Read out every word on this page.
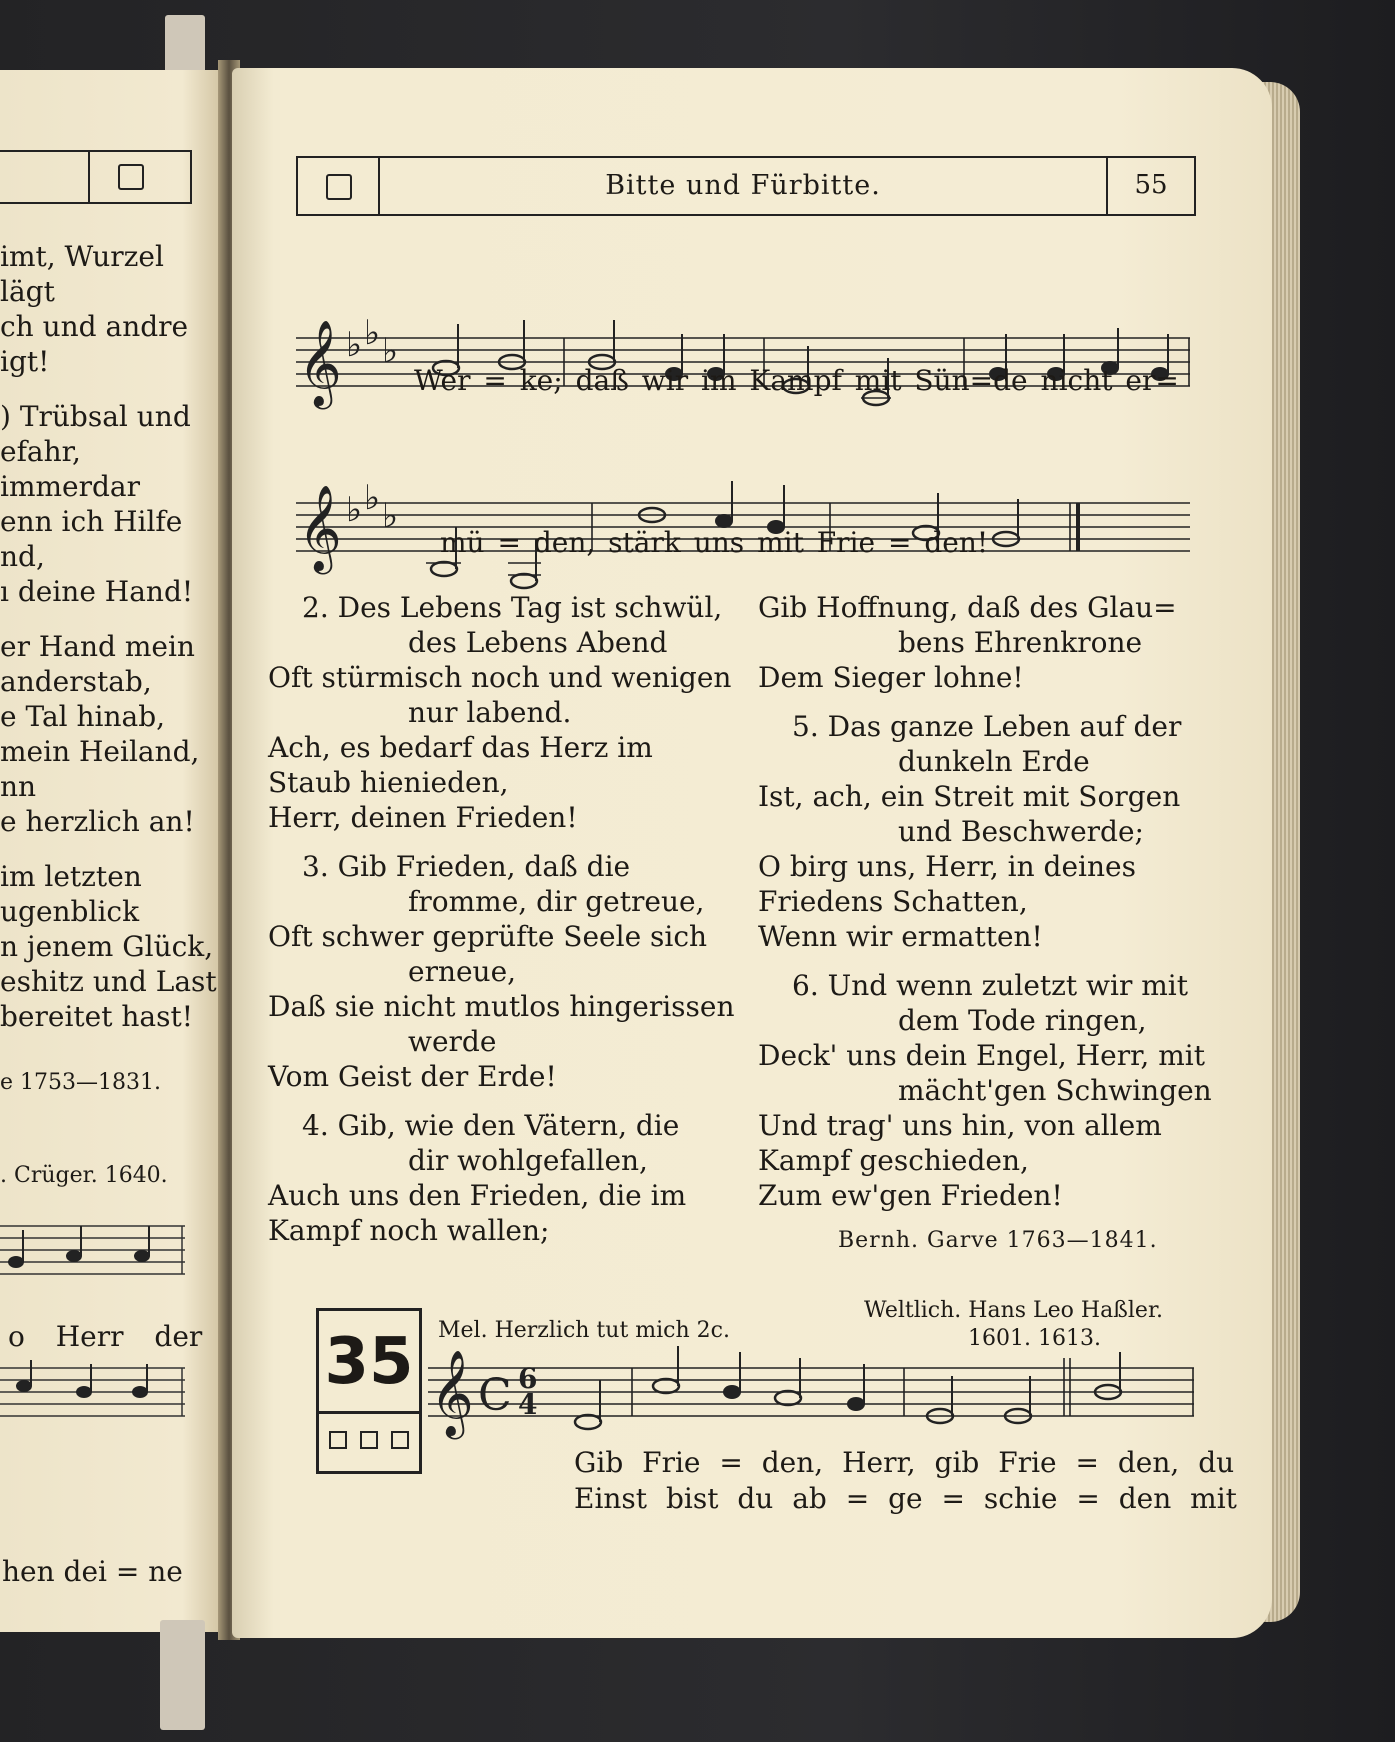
imt, Wurzel
lägt
ch und andre
igt!
) Trübsal und
efahr,
immerdar
enn ich Hilfe
nd,
ı deine Hand!
er Hand mein
anderstab,
e Tal hinab,
mein Heiland,
nn
e herzlich an!
im letzten
ugenblick
n jenem Glück,
eshitz und Last
bereitet hast!
e 1753—1831.
. Crüger. 1640.
o Herr der
hen dei = ne
Bitte und Fürbitte.	55
𝄞 ♭ ♭ ♭
Wer = ke; daß wir im Kampf mit Sün=de nicht er=
𝄞 ♭ ♭ ♭
mü = den, stärk uns mit Frie = den!
2. Des Lebens Tag ist schwül,
des Lebens Abend
Oft stürmisch noch und wenigen
nur labend.
Ach, es bedarf das Herz im
Staub hienieden,
Herr, deinen Frieden!
3. Gib Frieden, daß die
fromme, dir getreue,
Oft schwer geprüfte Seele sich
erneue,
Daß sie nicht mutlos hingerissen
werde
Vom Geist der Erde!
4. Gib, wie den Vätern, die
dir wohlgefallen,
Auch uns den Frieden, die im
Kampf noch wallen;
Gib Hoffnung, daß des Glau=
bens Ehrenkrone
Dem Sieger lohne!
5. Das ganze Leben auf der
dunkeln Erde
Ist, ach, ein Streit mit Sorgen
und Beschwerde;
O birg uns, Herr, in deines
Friedens Schatten,
Wenn wir ermatten!
6. Und wenn zuletzt wir mit
dem Tode ringen,
Deck' uns dein Engel, Herr, mit
mächt'gen Schwingen
Und trag' uns hin, von allem
Kampf geschieden,
Zum ew'gen Frieden!
Bernh. Garve 1763—1841.
Weltlich. Hans Leo Haßler.
1601. 1613.
Mel. Herzlich tut mich 2c.
35 𝄞 C 6
4
Gib Frie = den, Herr, gib Frie = den, du
Einst bist du ab = ge = schie = den mit
